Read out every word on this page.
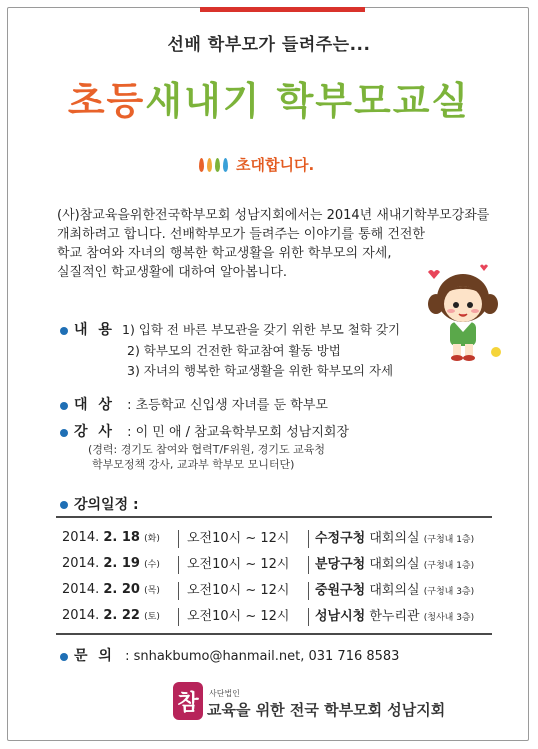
선배 학부모가 들려주는...
초등새내기 학부모교실
초대합니다.
(사)참교육을위한전국학부모회 성남지회에서는 2014년 새내기학부모강좌를
개최하려고 합니다. 선배학부모가 들려주는 이야기를 통해 건전한
학교 참여와 자녀의 행복한 학교생활을 위한 학부모의 자세,
실질적인 학교생활에 대하여 알아봅니다.
내 용 1) 입학 전 바른 부모관을 갖기 위한 부모 철학 갖기
2) 학부모의 건전한 학교참여 활동 방법
3) 자녀의 행복한 학교생활을 위한 학부모의 자세
대 상 : 초등학교 신입생 자녀를 둔 학부모
강 사 : 이 민 애 / 참교육학부모회 성남지회장
(경력: 경기도 참여와 협력T/F위원, 경기도 교육청
학부모정책 강사, 교과부 학부모 모니터단)
강의일정 :
2014. 2. 18 (화)	오전10시 ~ 12시	수정구청 대회의실 (구청내 1층)
2014. 2. 19 (수)	오전10시 ~ 12시	분당구청 대회의실 (구청내 1층)
2014. 2. 20 (목)	오전10시 ~ 12시	중원구청 대회의실 (구청내 3층)
2014. 2. 22 (토)	오전10시 ~ 12시	성남시청 한누리관 (청사내 3층)
문 의 : snhakbumo@hanmail.net, 031 716 8583
참	사단법인
교육을 위한 전국 학부모회 성남지회
